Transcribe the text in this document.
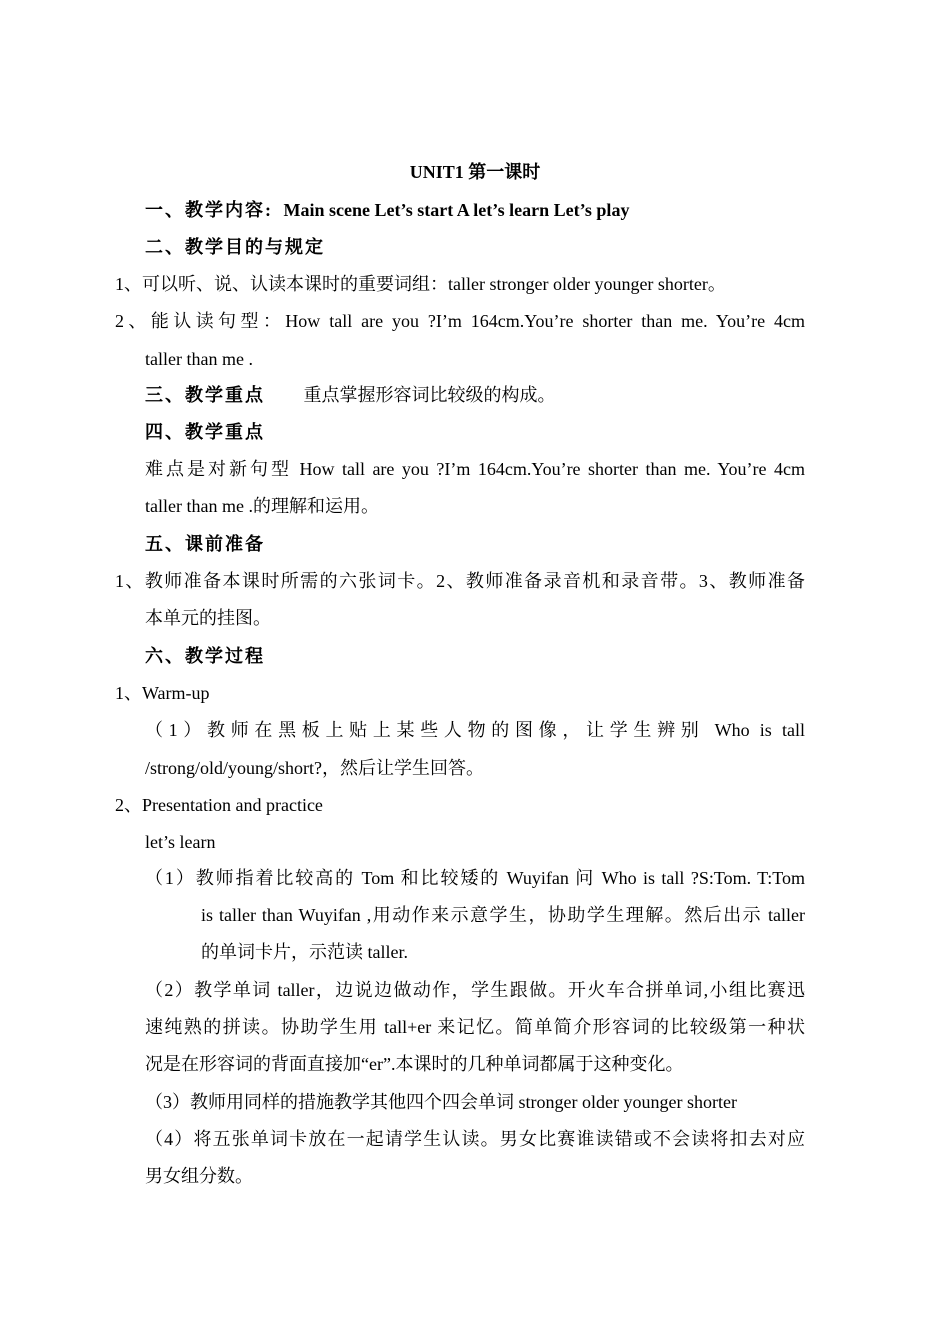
UNIT1 第一课时
一、教学内容: Main scene Let’s start A let’s learn Let’s play
二、教学目的与规定
1、可以听、说、认读本课时的重要词组：taller stronger older younger shorter。
2、能认读句型：How tall are you ?I’m 164cm.You’re shorter than me. You’re 4cm
taller than me .
三、教学重点 重点掌握形容词比较级的构成。
四、教学重点
难点是对新句型 How tall are you ?I’m 164cm.You’re shorter than me. You’re 4cm
taller than me .的理解和运用。
五、课前准备
1、教师准备本课时所需的六张词卡。2、教师准备录音机和录音带。3、教师准备
本单元的挂图。
六、教学过程
1、Warm-up
（1）教师在黑板上贴上某些人物的图像，让学生辨别 Who is tall
/strong/old/young/short?，然后让学生回答。
2、Presentation and practice
let’s learn
（1）教师指着比较高的 Tom 和比较矮的 Wuyifan 问 Who is tall ?S:Tom. T:Tom
is taller than Wuyifan ,用动作来示意学生，协助学生理解。然后出示 taller
的单词卡片，示范读 taller.
（2）教学单词 taller，边说边做动作，学生跟做。开火车合拼单词,小组比赛迅
速纯熟的拼读。协助学生用 tall+er 来记忆。简单简介形容词的比较级第一种状
况是在形容词的背面直接加“er”.本课时的几种单词都属于这种变化。
（3）教师用同样的措施教学其他四个四会单词 stronger older younger shorter
（4）将五张单词卡放在一起请学生认读。男女比赛谁读错或不会读将扣去对应
男女组分数。
